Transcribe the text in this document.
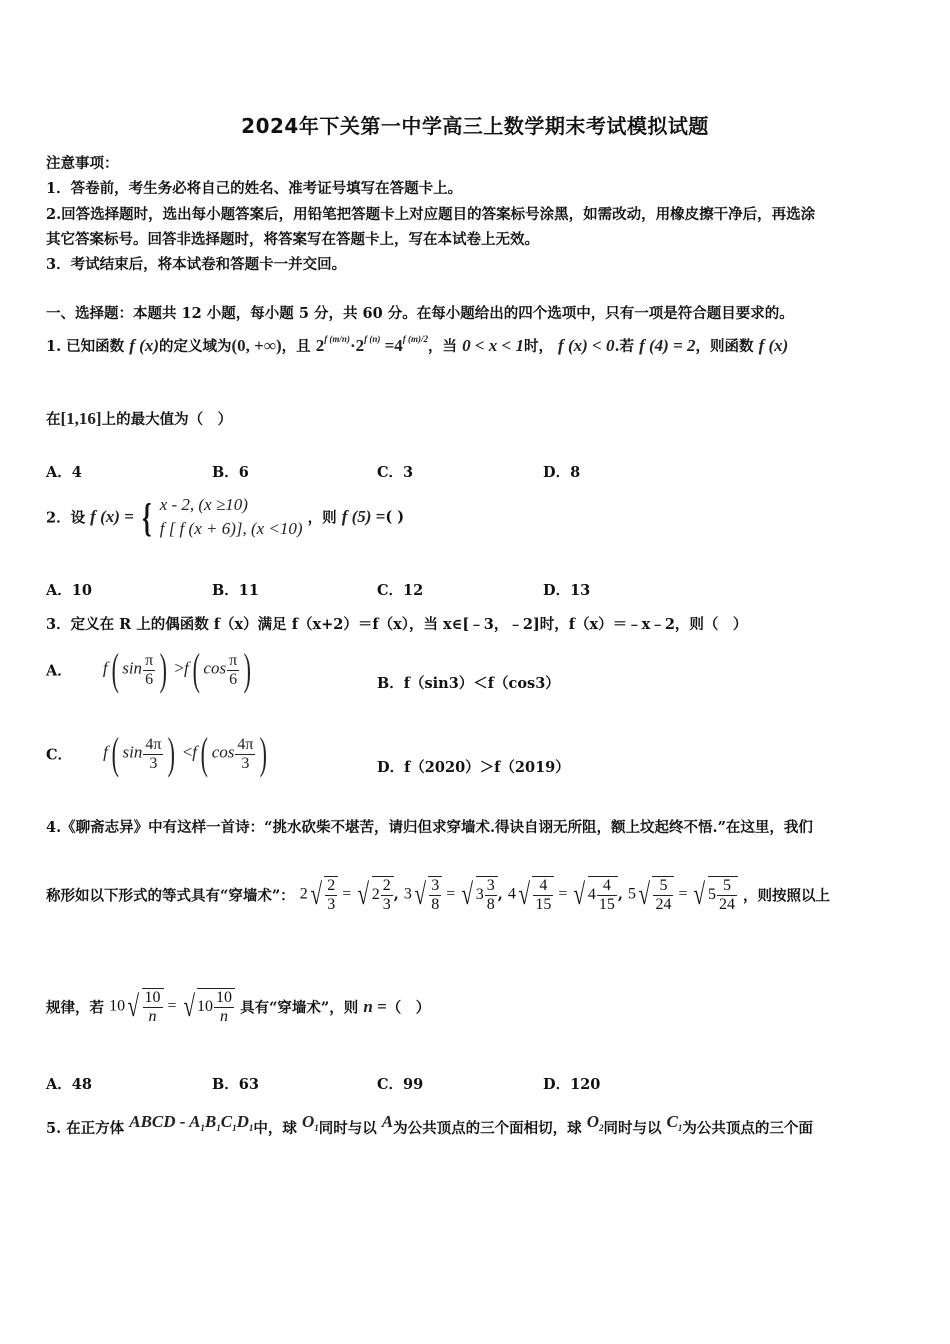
2024年下关第一中学高三上数学期末考试模拟试题
注意事项：
1．答卷前，考生务必将自己的姓名、准考证号填写在答题卡上。
2.回答选择题时，选出每小题答案后，用铅笔把答题卡上对应题目的答案标号涂黑，如需改动，用橡皮擦干净后，再选涂
其它答案标号。回答非选择题时，将答案写在答题卡上，写在本试卷上无效。
3．考试结束后，将本试卷和答题卡一并交回。
一、选择题：本题共 12 小题，每小题 5 分，共 60 分。在每小题给出的四个选项中，只有一项是符合题目要求的。
1. 已知函数 f (x)的定义域为(0, +∞)，且 $2^{f (m/n)}\cdot 2^{f (n)} =4^{f (m)/2}$，当 0 < x < 1时， f (x) < 0.若 f (4) = 2，则函数 f (x)
在[1,16]上的最大值为（　）
A．4	B．6	C．3	D．8
2．设 f (x) = { x - 2, (x ≥10)
f [ f (x + 6)], (x <10)
，则 f (5) =( )
A．10	B．11	C．12	D．13
3．定义在 R 上的偶函数 f（x）满足 f（x+2）＝f（x），当 x∈[﹣3，﹣2]时，f（x）＝﹣x﹣2，则（　）
A． f( $\sin \frac{\pi}{6}$ ) >f( $\cos \frac{\pi}{6}$ )	B．f（sin3）＜f（cos3）
C． f( $\sin \frac{4\pi}{3}$ ) <f( $\cos \frac{4\pi}{3}$ )	D．f（2020）＞f（2019）
4.《聊斋志异》中有这样一首诗：“挑水砍柴不堪苦，请归但求穿墙术.得诀自诩无所阻，额上坟起终不悟.”在这里，我们
称形如以下形式的等式具有“穿墙术”： $2√ \frac{2}{3}$ = √ $2 \frac{2}{3}$ , $3√ \frac{3}{8}$ = √ $3 \frac{3}{8}$ , $4√ \frac{4}{15}$ = √ $4 \frac{4}{15}$ , $5√ \frac{5}{24}$ = √ $5 \frac{5}{24}$ ，则按照以上
规律，若 $10√ \frac{10}{n}$ = √ $10 \frac{10}{n}$ 具有“穿墙术”，则 n =（　）
A．48	B．63	C．99	D．120
5. 在正方体 ABCD - $A_1B_1C_1D_1$中，球 $O_1$同时与以 A为公共顶点的三个面相切，球 $O_2$同时与以 $C_1$为公共顶点的三个面
